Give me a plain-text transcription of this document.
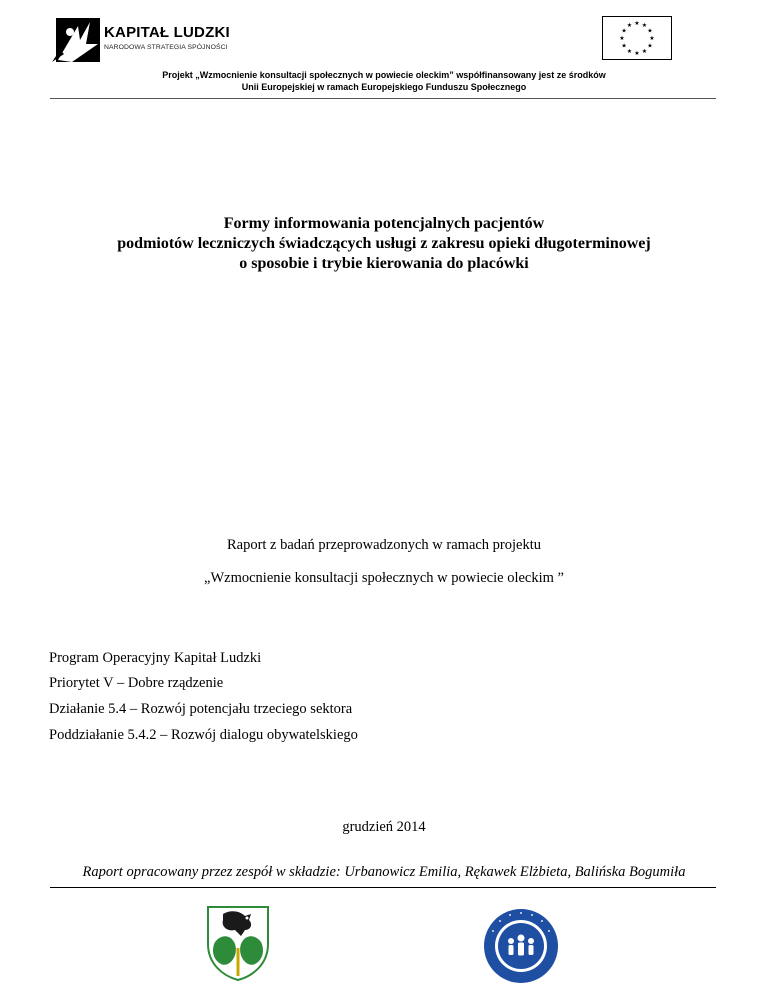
KAPITAŁ LUDZKI
NARODOWA STRATEGIA SPÓJNOŚCI
★ ★
★
★
★
★
★
★
★
★
★
★
Projekt „Wzmocnienie konsultacji społecznych w powiecie oleckim” współfinansowany jest ze środków
Unii Europejskiej w ramach Europejskiego Funduszu Społecznego
Formy informowania potencjalnych pacjentów
podmiotów leczniczych świadczących usługi z zakresu opieki długoterminowej
o sposobie i trybie kierowania do placówki
Raport z badań przeprowadzonych w ramach projektu
„Wzmocnienie konsultacji społecznych w powiecie oleckim ”
Program Operacyjny Kapitał Ludzki
Priorytet V – Dobre rządzenie
Działanie 5.4 – Rozwój potencjału trzeciego sektora
Poddziałanie 5.4.2 – Rozwój dialogu obywatelskiego
grudzień 2014
Raport opracowany przez zespół w składzie: Urbanowicz Emilia, Rękawek Elżbieta, Balińska Bogumiła
